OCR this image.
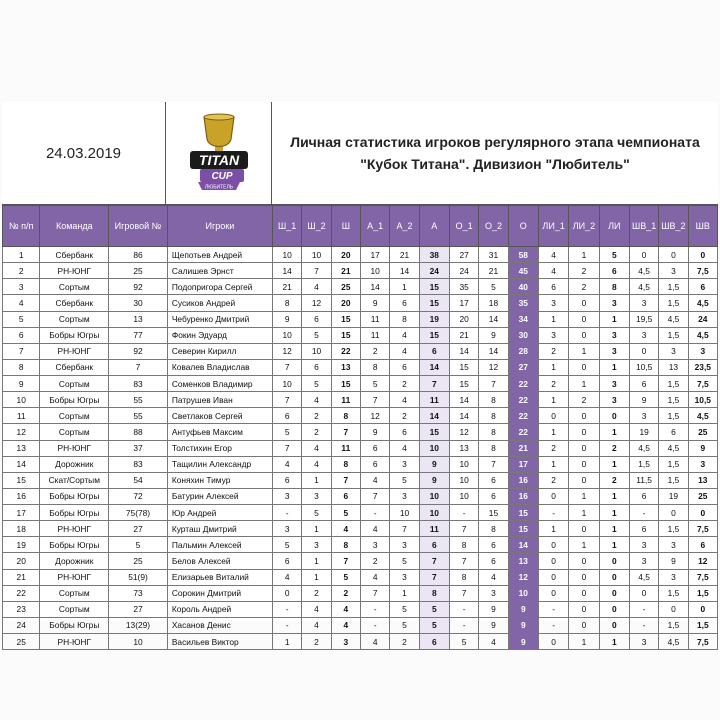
24.03.2019	TITAN
CUP
ЛЮБИТЕЛЬ
Личная статистика игроков регулярного этапа чемпионата
"Кубок Титана". Дивизион "Любитель"
№ п/п	Команда	Игровой №	Игроки	Ш_1	Ш_2	Ш	А_1	А_2	А	О_1	О_2	О	ЛИ_1	ЛИ_2	ЛИ	ШВ_1	ШВ_2	ШВ
1	Сбербанк	86	Щепотьев Андрей	10	10	20	17	21	38	27	31	58	4	1	5	0	0	0
2	РН-ЮНГ	25	Салишев Эрнст	14	7	21	10	14	24	24	21	45	4	2	6	4,5	3	7,5
3	Сортым	92	Подопригора Сергей	21	4	25	14	1	15	35	5	40	6	2	8	4,5	1,5	6
4	Сбербанк	30	Сусиков Андрей	8	12	20	9	6	15	17	18	35	3	0	3	3	1,5	4,5
5	Сортым	13	Чебуренко Дмитрий	9	6	15	11	8	19	20	14	34	1	0	1	19,5	4,5	24
6	Бобры Югры	77	Фокин Эдуард	10	5	15	11	4	15	21	9	30	3	0	3	3	1,5	4,5
7	РН-ЮНГ	92	Северин Кирилл	12	10	22	2	4	6	14	14	28	2	1	3	0	3	3
8	Сбербанк	7	Ковалев Владислав	7	6	13	8	6	14	15	12	27	1	0	1	10,5	13	23,5
9	Сортым	83	Соменков Владимир	10	5	15	5	2	7	15	7	22	2	1	3	6	1,5	7,5
10	Бобры Югры	55	Патрушев Иван	7	4	11	7	4	11	14	8	22	1	2	3	9	1,5	10,5
11	Сортым	55	Светлаков Сергей	6	2	8	12	2	14	14	8	22	0	0	0	3	1,5	4,5
12	Сортым	88	Антуфьев Максим	5	2	7	9	6	15	12	8	22	1	0	1	19	6	25
13	РН-ЮНГ	37	Толстихин Егор	7	4	11	6	4	10	13	8	21	2	0	2	4,5	4,5	9
14	Дорожник	83	Тащилин Александр	4	4	8	6	3	9	10	7	17	1	0	1	1,5	1,5	3
15	Скат/Сортым	54	Коняхин Тимур	6	1	7	4	5	9	10	6	16	2	0	2	11,5	1,5	13
16	Бобры Югры	72	Батурин Алексей	3	3	6	7	3	10	10	6	16	0	1	1	6	19	25
17	Бобры Югры	75(78)	Юр Андрей	-	5	5	-	10	10	-	15	15	-	1	1	-	0	0
18	РН-ЮНГ	27	Курташ Дмитрий	3	1	4	4	7	11	7	8	15	1	0	1	6	1,5	7,5
19	Бобры Югры	5	Пальмин Алексей	5	3	8	3	3	6	8	6	14	0	1	1	3	3	6
20	Дорожник	25	Белов Алексей	6	1	7	2	5	7	7	6	13	0	0	0	3	9	12
21	РН-ЮНГ	51(9)	Елизарьев Виталий	4	1	5	4	3	7	8	4	12	0	0	0	4,5	3	7,5
22	Сортым	73	Сорокин Дмитрий	0	2	2	7	1	8	7	3	10	0	0	0	0	1,5	1,5
23	Сортым	27	Король Андрей	-	4	4	-	5	5	-	9	9	-	0	0	-	0	0
24	Бобры Югры	13(29)	Хасанов Денис	-	4	4	-	5	5	-	9	9	-	0	0	-	1,5	1,5
25	РН-ЮНГ	10	Васильев Виктор	1	2	3	4	2	6	5	4	9	0	1	1	3	4,5	7,5
